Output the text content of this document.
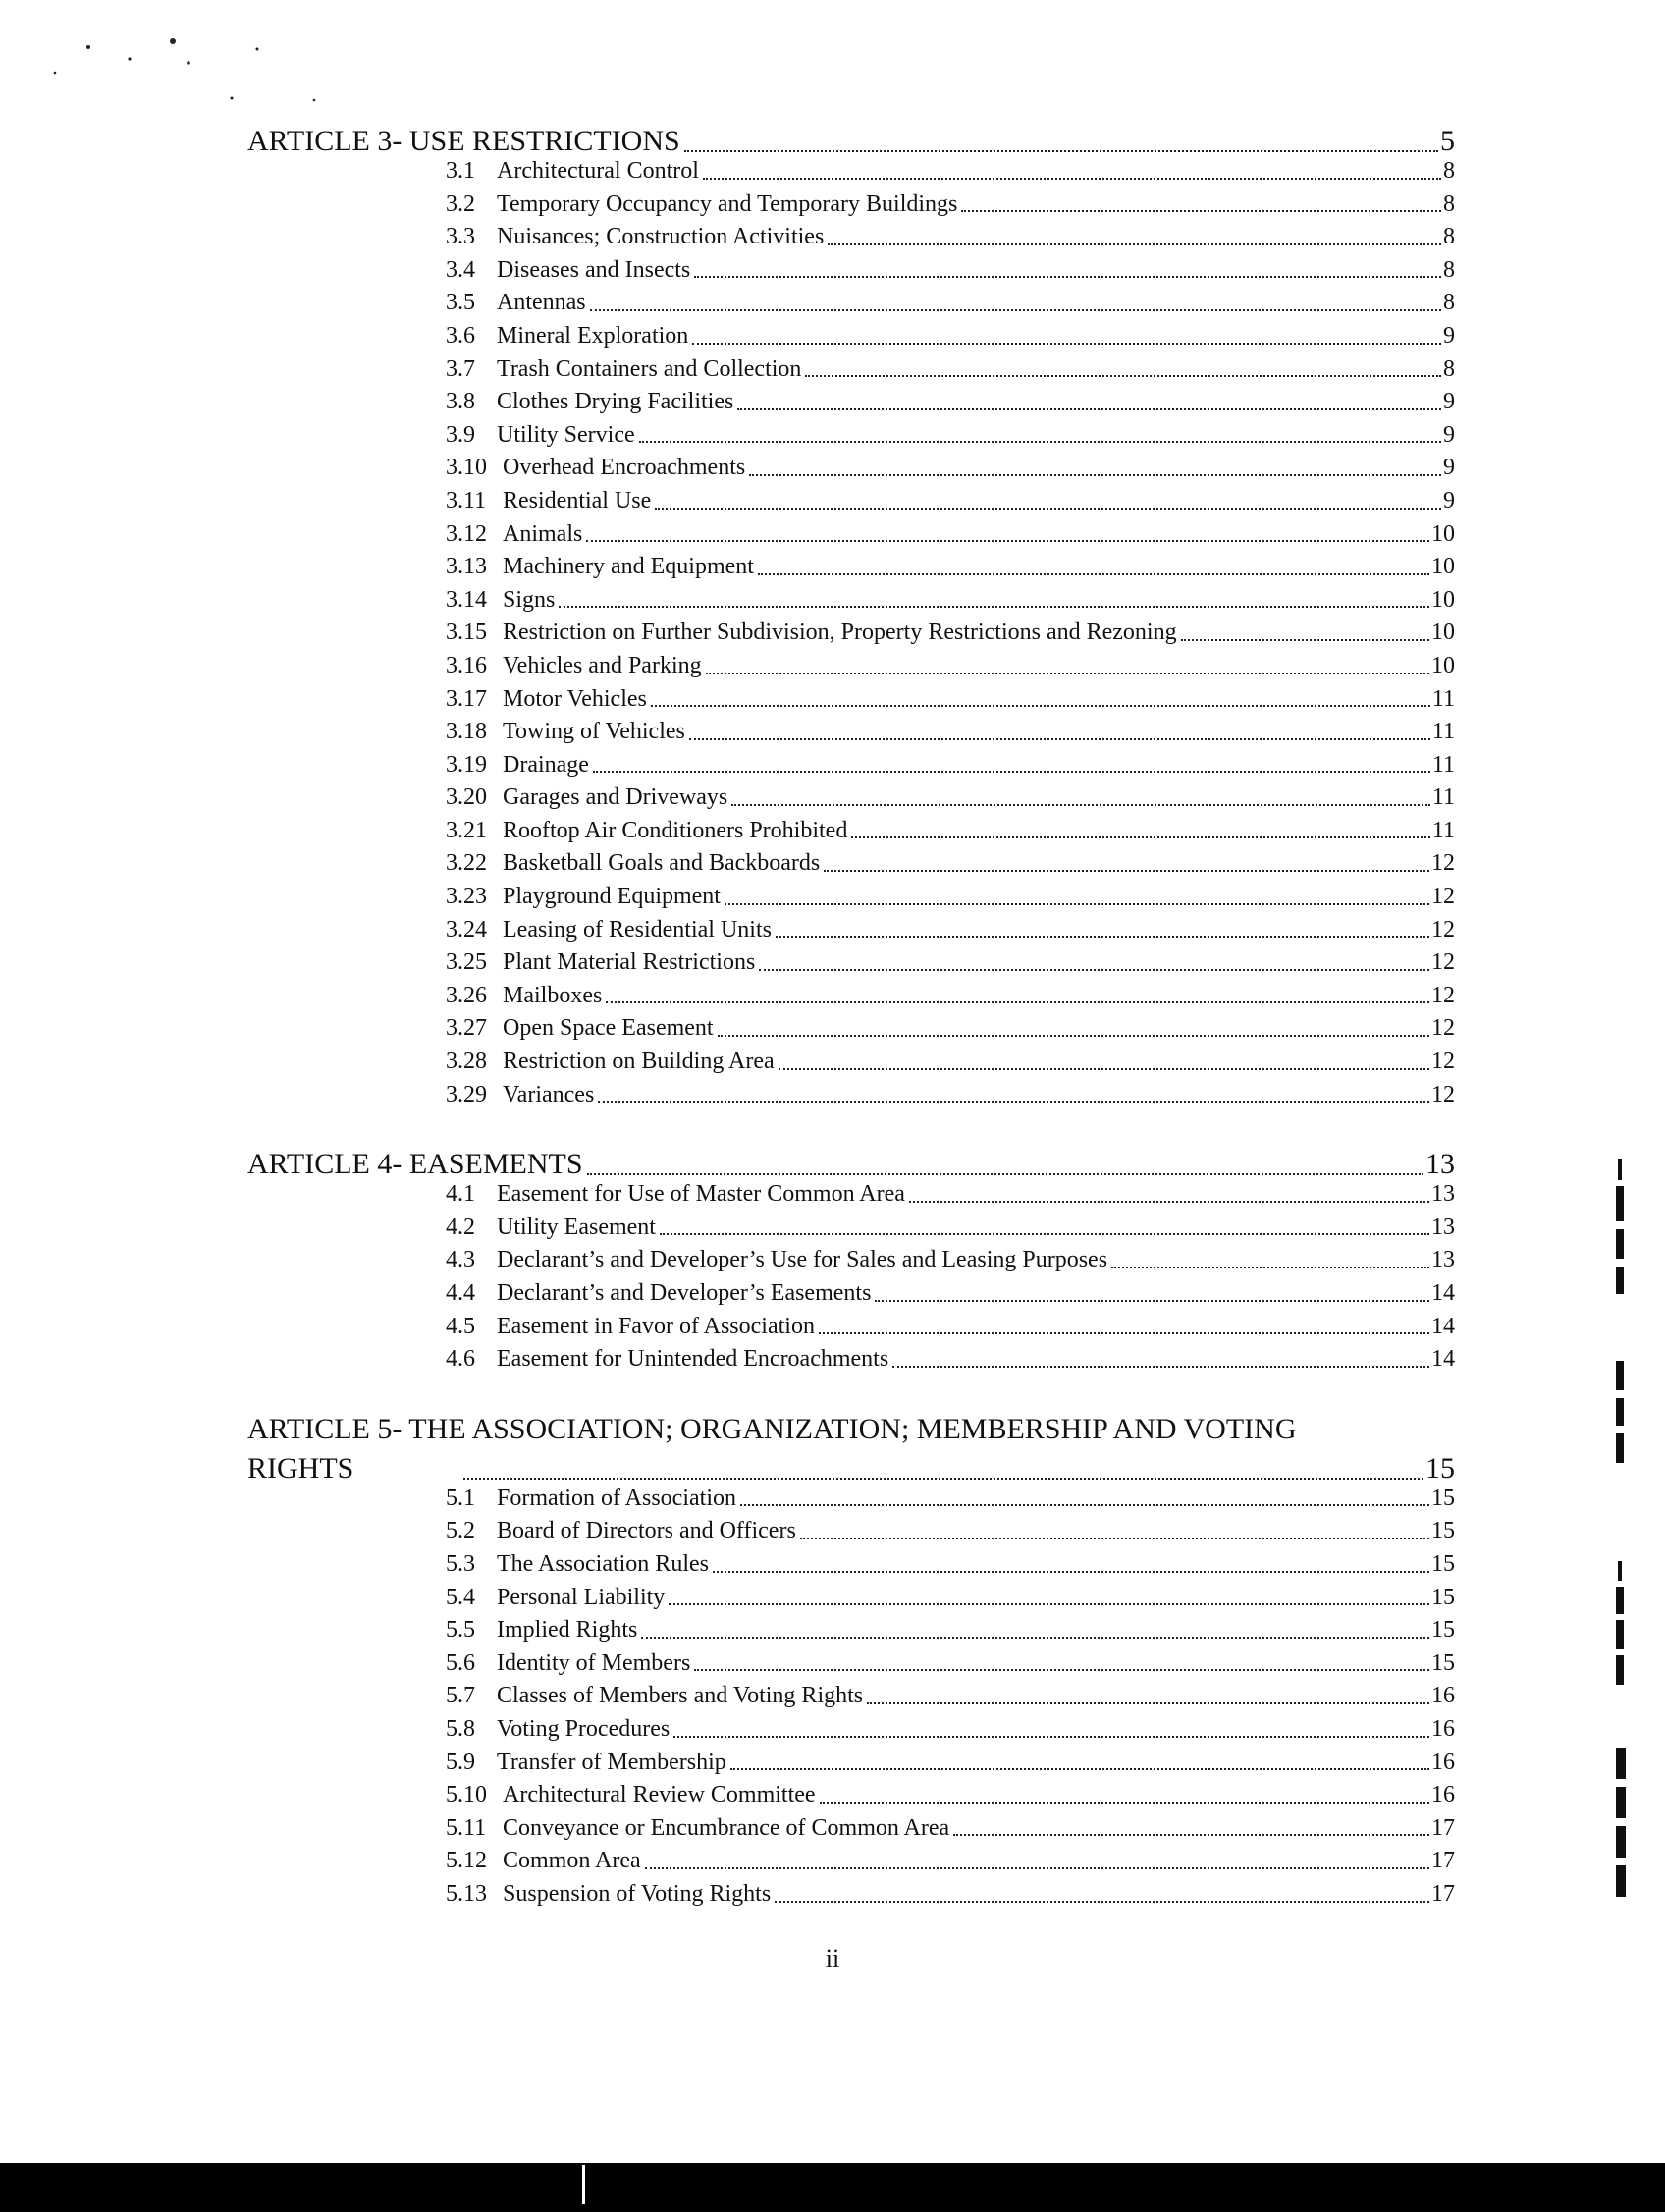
ARTICLE 3- USE RESTRICTIONS	5
3.1 Architectural Control	8
3.2 Temporary Occupancy and Temporary Buildings	8
3.3 Nuisances; Construction Activities	8
3.4 Diseases and Insects	8
3.5 Antennas	8
3.6 Mineral Exploration	9
3.7 Trash Containers and Collection	8
3.8 Clothes Drying Facilities	9
3.9 Utility Service	9
3.10 Overhead Encroachments	9
3.11 Residential Use	9
3.12 Animals	10
3.13 Machinery and Equipment	10
3.14 Signs	10
3.15 Restriction on Further Subdivision, Property Restrictions and Rezoning	10
3.16 Vehicles and Parking	10
3.17 Motor Vehicles	11
3.18 Towing of Vehicles	11
3.19 Drainage	11
3.20 Garages and Driveways	11
3.21 Rooftop Air Conditioners Prohibited	11
3.22 Basketball Goals and Backboards	12
3.23 Playground Equipment	12
3.24 Leasing of Residential Units	12
3.25 Plant Material Restrictions	12
3.26 Mailboxes	12
3.27 Open Space Easement	12
3.28 Restriction on Building Area	12
3.29 Variances	12
ARTICLE 4- EASEMENTS	13
4.1 Easement for Use of Master Common Area	13
4.2 Utility Easement	13
4.3 Declarant’s and Developer’s Use for Sales and Leasing Purposes	13
4.4 Declarant’s and Developer’s Easements	14
4.5 Easement in Favor of Association	14
4.6 Easement for Unintended Encroachments	14
ARTICLE 5- THE ASSOCIATION; ORGANIZATION; MEMBERSHIP AND VOTING
RIGHTS	15
5.1 Formation of Association	15
5.2 Board of Directors and Officers	15
5.3 The Association Rules	15
5.4 Personal Liability	15
5.5 Implied Rights	15
5.6 Identity of Members	15
5.7 Classes of Members and Voting Rights	16
5.8 Voting Procedures	16
5.9 Transfer of Membership	16
5.10 Architectural Review Committee	16
5.11 Conveyance or Encumbrance of Common Area	17
5.12 Common Area	17
5.13 Suspension of Voting Rights	17
ii
